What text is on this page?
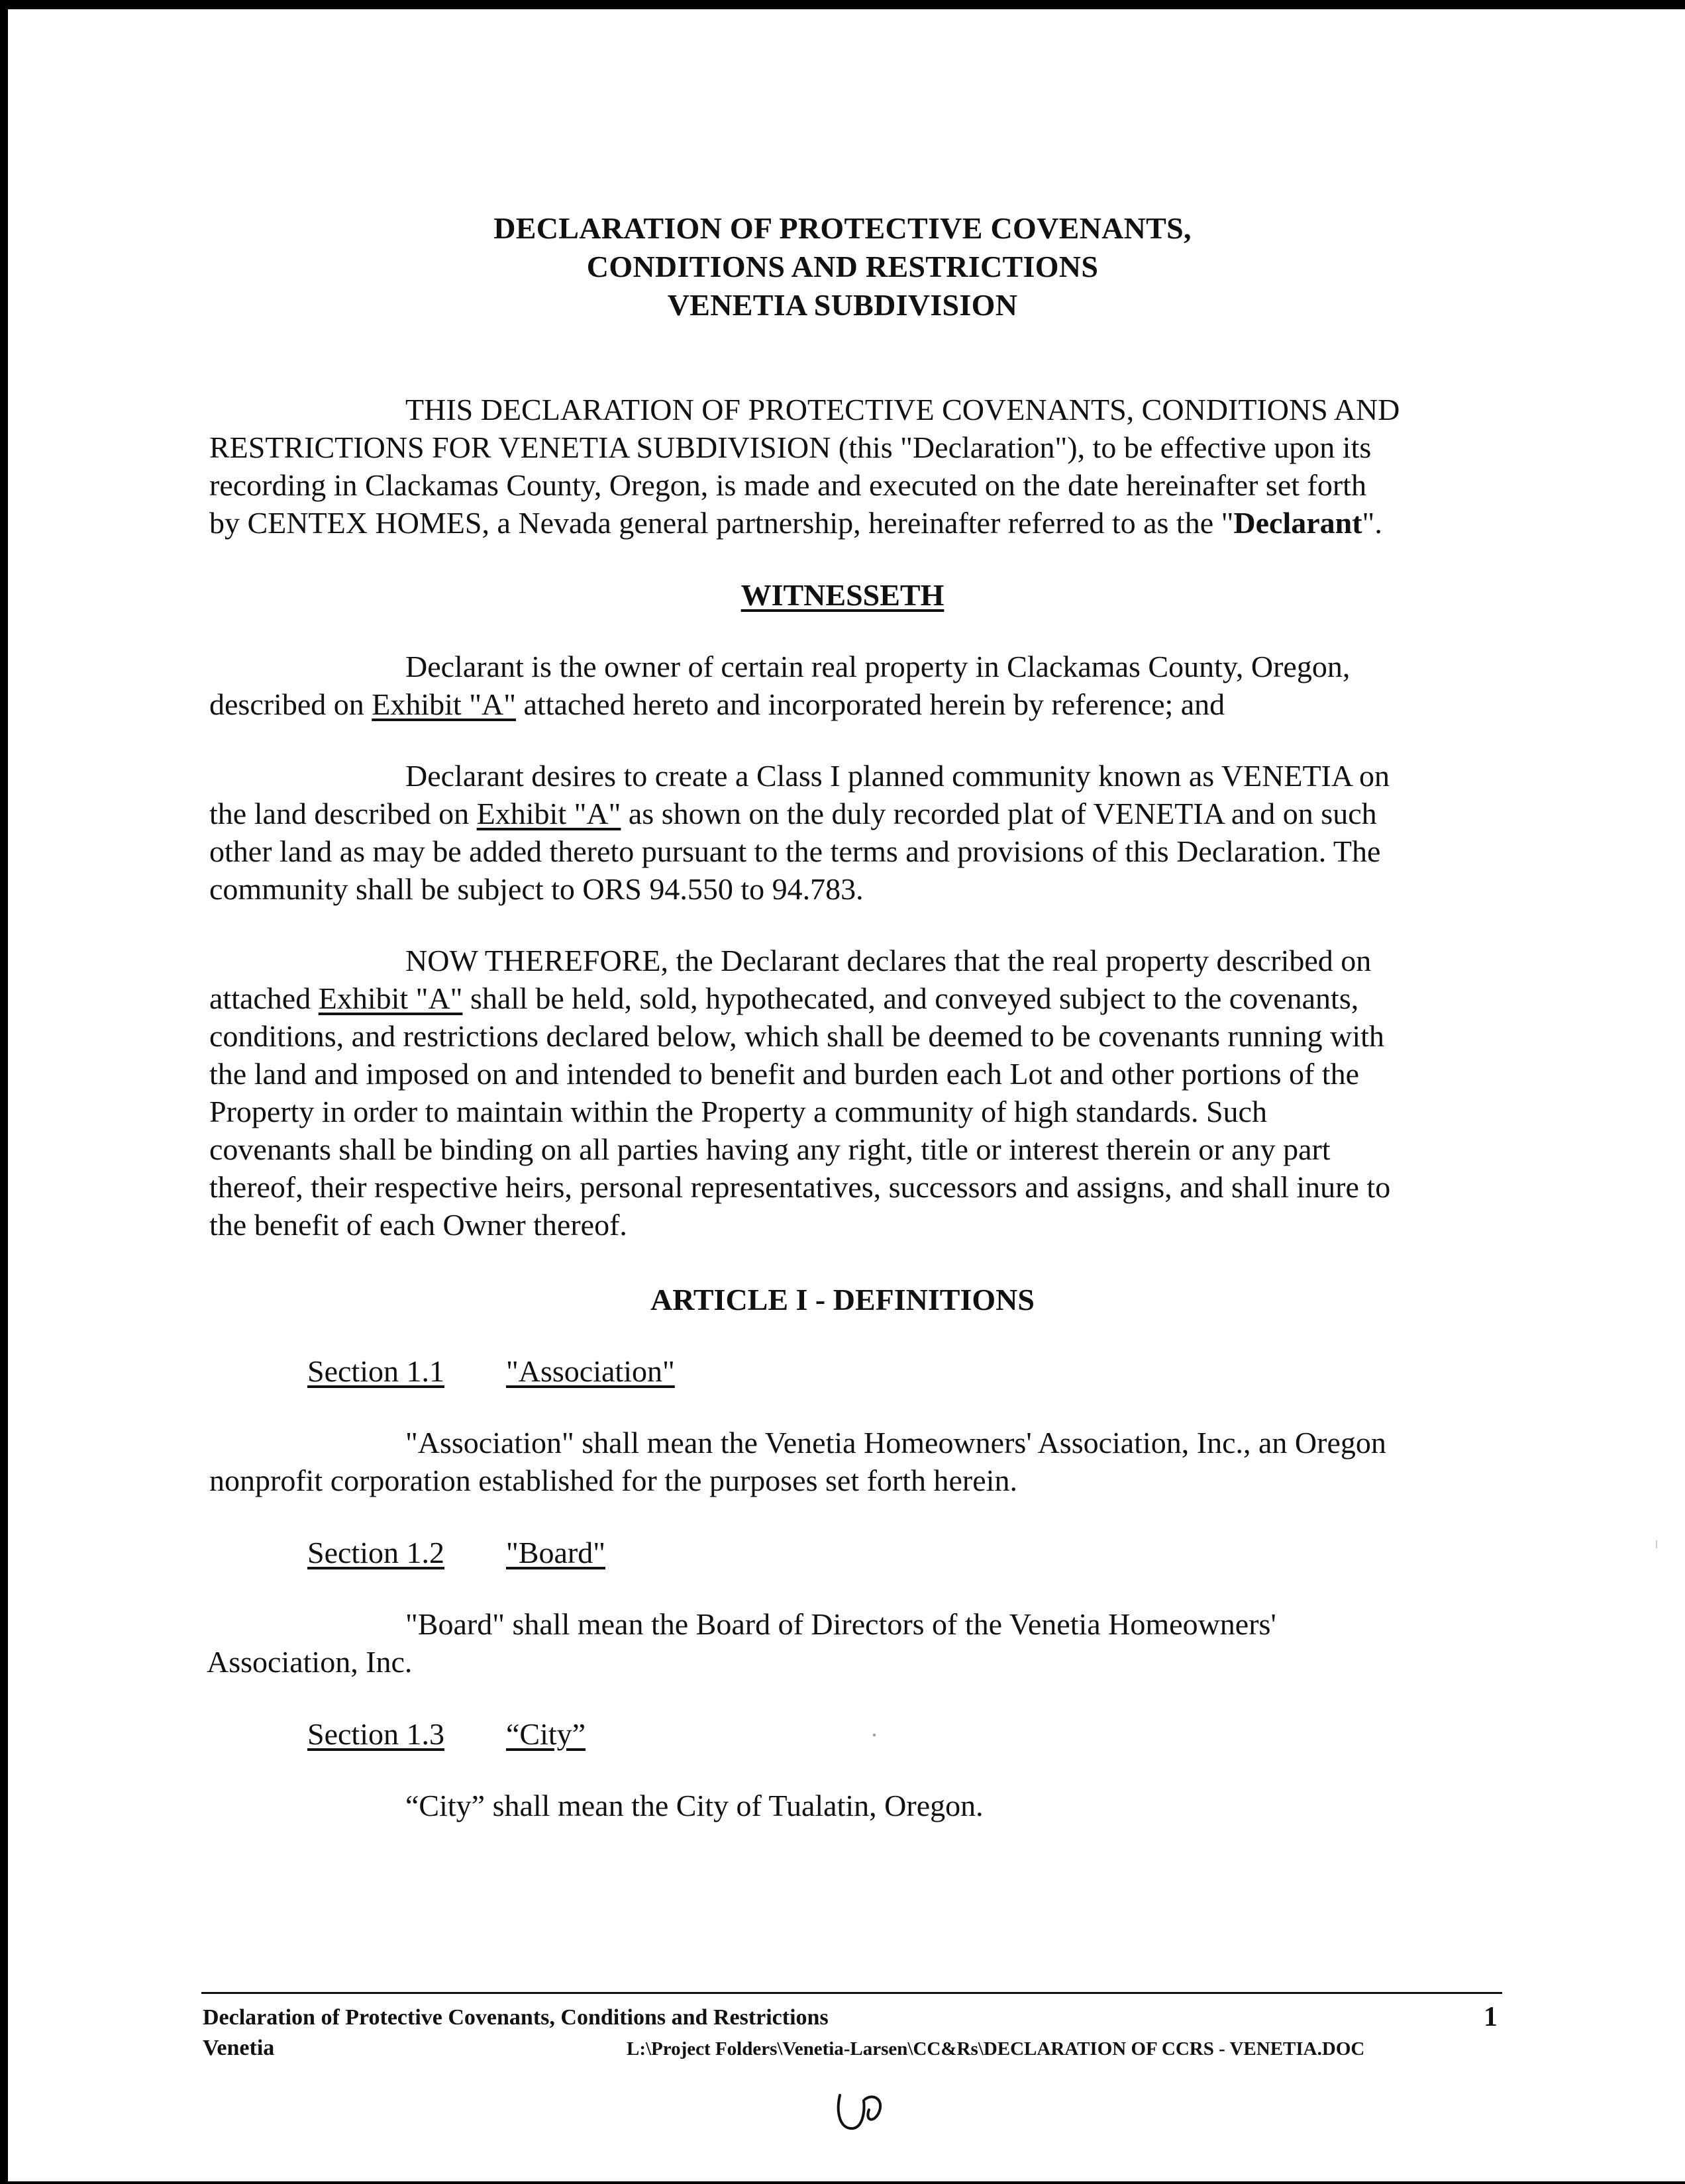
DECLARATION OF PROTECTIVE COVENANTS,
CONDITIONS AND RESTRICTIONS
VENETIA SUBDIVISION
THIS DECLARATION OF PROTECTIVE COVENANTS, CONDITIONS AND
RESTRICTIONS FOR VENETIA SUBDIVISION (this "Declaration"), to be effective upon its
recording in Clackamas County, Oregon, is made and executed on the date hereinafter set forth
by CENTEX HOMES, a Nevada general partnership, hereinafter referred to as the "Declarant".
WITNESSETH
Declarant is the owner of certain real property in Clackamas County, Oregon,
described on Exhibit "A" attached hereto and incorporated herein by reference; and
Declarant desires to create a Class I planned community known as VENETIA on
the land described on Exhibit "A" as shown on the duly recorded plat of VENETIA and on such
other land as may be added thereto pursuant to the terms and provisions of this Declaration. The
community shall be subject to ORS 94.550 to 94.783.
NOW THEREFORE, the Declarant declares that the real property described on
attached Exhibit "A" shall be held, sold, hypothecated, and conveyed subject to the covenants,
conditions, and restrictions declared below, which shall be deemed to be covenants running with
the land and imposed on and intended to benefit and burden each Lot and other portions of the
Property in order to maintain within the Property a community of high standards. Such
covenants shall be binding on all parties having any right, title or interest therein or any part
thereof, their respective heirs, personal representatives, successors and assigns, and shall inure to
the benefit of each Owner thereof.
ARTICLE I - DEFINITIONS
Section 1.1 "Association"
"Association" shall mean the Venetia Homeowners' Association, Inc., an Oregon
nonprofit corporation established for the purposes set forth herein.
Section 1.2 "Board"
"Board" shall mean the Board of Directors of the Venetia Homeowners'
Association, Inc.
Section 1.3 “City”
“City” shall mean the City of Tualatin, Oregon.
Declaration of Protective Covenants, Conditions and Restrictions	1
Venetia	L:\Project Folders\Venetia-Larsen\CC&Rs\DECLARATION OF CCRS - VENETIA.DOC
